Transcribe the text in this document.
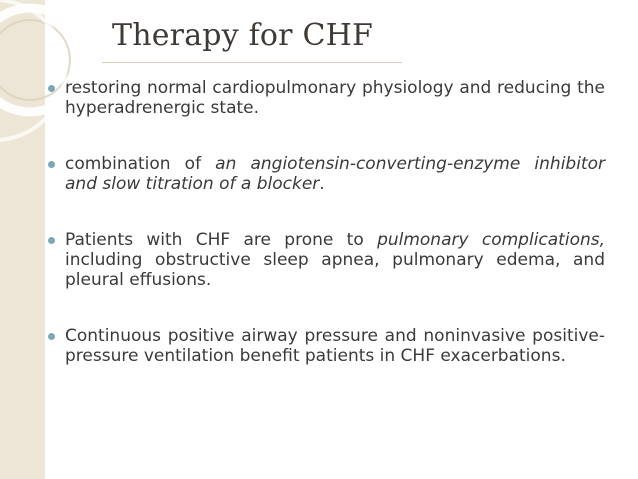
Therapy for CHF
restoring normal cardiopulmonary physiology and reducing the hyperadrenergic state.
combination of an angiotensin-converting-enzyme inhibitor and slow titration of a blocker.
Patients with CHF are prone to pulmonary complications, including obstructive sleep apnea, pulmonary edema, and pleural effusions.
Continuous positive airway pressure and noninvasive positive-pressure ventilation benefit patients in CHF exacerbations.
